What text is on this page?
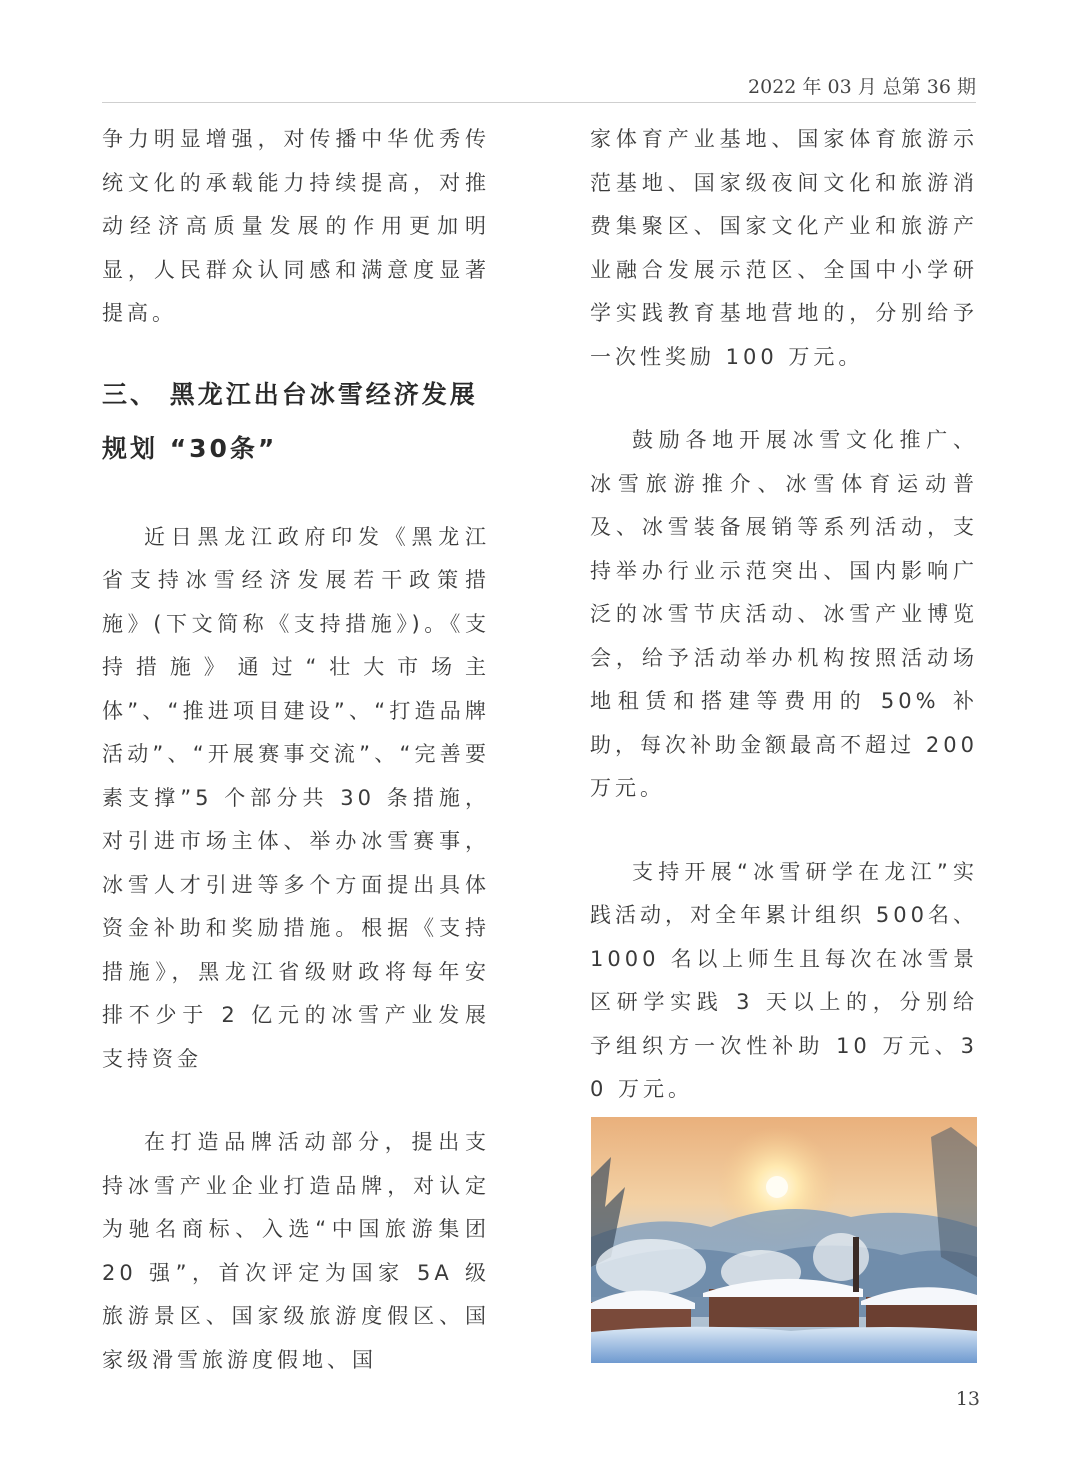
2022 年 03 月 总第 36 期

争力明显增强，对传播中华优秀传统文化的承载能力持续提高，对推动经济高质量发展的作用更加明显，人民群众认同感和满意度显著提高。

三、 黑龙江出台冰雪经济发展规划 “30条”

近日黑龙江政府印发《黑龙江省支持冰雪经济发展若干政策措施》(下文简称《支持措施》)。《支持措施》通过“壮大市场主体”、“推进项目建设”、“打造品牌活动”、“开展赛事交流”、“完善要素支撑”5 个部分共 30 条措施，对引进市场主体、举办冰雪赛事，冰雪人才引进等多个方面提出具体资金补助和奖励措施。根据《支持措施》，黑龙江省级财政将每年安排不少于 2 亿元的冰雪产业发展支持资金

在打造品牌活动部分，提出支持冰雪产业企业打造品牌，对认定为驰名商标、入选“中国旅游集团 20 强”，首次评定为国家 5A 级旅游景区、国家级旅游度假区、国家级滑雪旅游度假地、国

家体育产业基地、国家体育旅游示范基地、国家级夜间文化和旅游消费集聚区、国家文化产业和旅游产业融合发展示范区、全国中小学研学实践教育基地营地的，分别给予一次性奖励 100 万元。

鼓励各地开展冰雪文化推广、冰雪旅游推介、冰雪体育运动普及、冰雪装备展销等系列活动，支持举办行业示范突出、国内影响广泛的冰雪节庆活动、冰雪产业博览会，给予活动举办机构按照活动场地租赁和搭建等费用的 50% 补助，每次补助金额最高不超过 200 万元。

支持开展“冰雪研学在龙江”实践活动，对全年累计组织 500名、1000 名以上师生且每次在冰雪景区研学实践 3 天以上的，分别给予组织方一次性补助 10 万元、30 万元。

13
